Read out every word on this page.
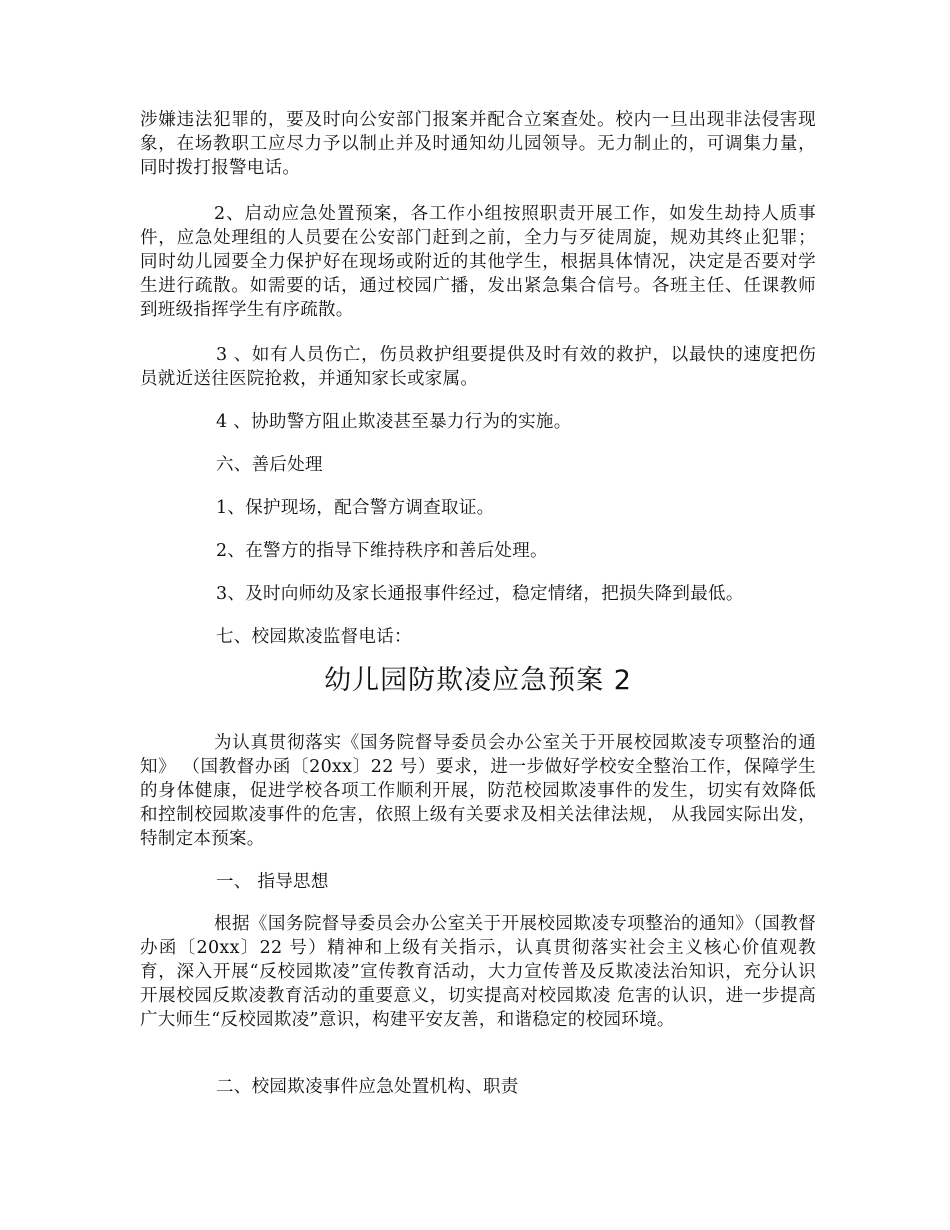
涉嫌违法犯罪的，要及时向公安部门报案并配合立案查处。校内一旦出现非法侵害现象，在场教职工应尽力予以制止并及时通知幼儿园领导。无力制止的，可调集力量，同时拨打报警电话。

2、启动应急处置预案，各工作小组按照职责开展工作，如发生劫持人质事件，应急处理组的人员要在公安部门赶到之前，全力与歹徒周旋，规劝其终止犯罪；同时幼儿园要全力保护好在现场或附近的其他学生，根据具体情况，决定是否要对学生进行疏散。如需要的话，通过校园广播，发出紧急集合信号。各班主任、任课教师到班级指挥学生有序疏散。

3 、如有人员伤亡，伤员救护组要提供及时有效的救护，以最快的速度把伤员就近送往医院抢救，并通知家长或家属。

4 、协助警方阻止欺凌甚至暴力行为的实施。

六、善后处理

1、保护现场，配合警方调查取证。

2、在警方的指导下维持秩序和善后处理。

3、及时向师幼及家长通报事件经过，稳定情绪，把损失降到最低。

七、校园欺凌监督电话：

幼儿园防欺凌应急预案 2

为认真贯彻落实《国务院督导委员会办公室关于开展校园欺凌专项整治的通知》 （国教督办函〔20xx〕22 号）要求，进一步做好学校安全整治工作，保障学生的身体健康，促进学校各项工作顺利开展，防范校园欺凌事件的发生，切实有效降低和控制校园欺凌事件的危害，依照上级有关要求及相关法律法规， 从我园实际出发，特制定本预案。

一、 指导思想

根据《国务院督导委员会办公室关于开展校园欺凌专项整治的通知》（国教督办函〔20xx〕22 号）精神和上级有关指示，认真贯彻落实社会主义核心价值观教育，深入开展“反校园欺凌”宣传教育活动，大力宣传普及反欺凌法治知识，充分认识开展校园反欺凌教育活动的重要意义，切实提高对校园欺凌 危害的认识，进一步提高广大师生“反校园欺凌”意识，构建平安友善，和谐稳定的校园环境。

二、校园欺凌事件应急处置机构、职责
